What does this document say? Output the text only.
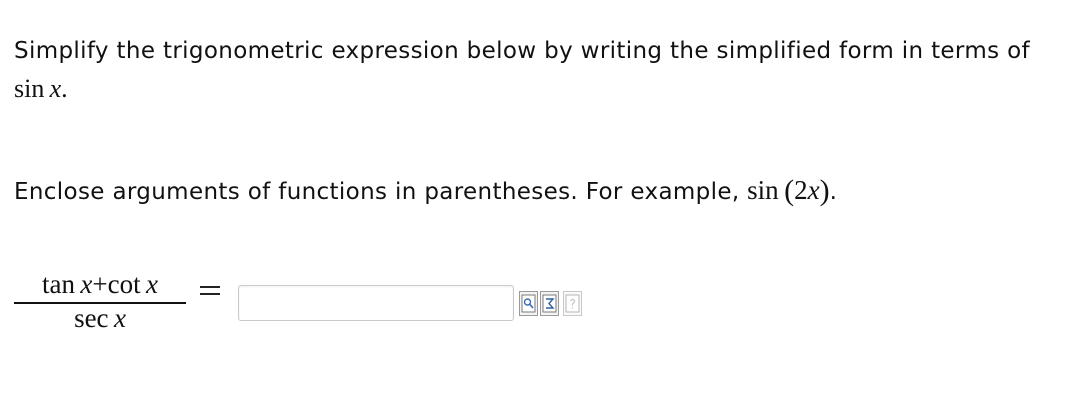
Simplify the trigonometric expression below by writing the simplified form in terms of
sin  x.
Enclose arguments of functions in parentheses. For example, sin  (2x).
tan  x+cot  x
sec  x
